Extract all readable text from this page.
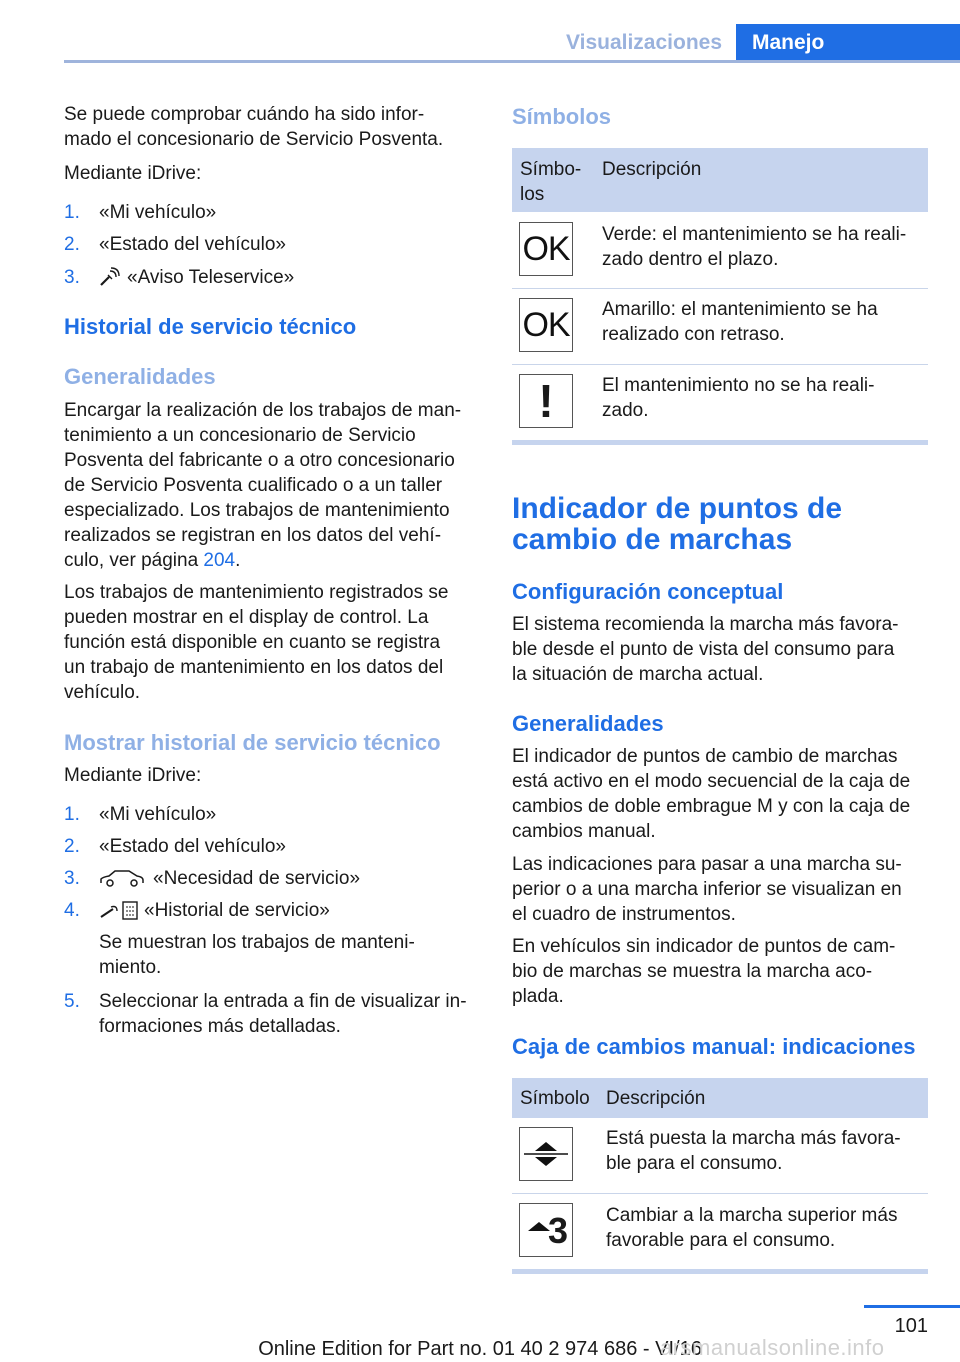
Visualizaciones	Manejo
Se puede comprobar cuándo ha sido infor-
mado el concesionario de Servicio Posventa.
Mediante iDrive:
1. «Mi vehículo»
2. «Estado del vehículo»
3. «Aviso Teleservice»
Historial de servicio técnico
Generalidades
Encargar la realización de los trabajos de man-
tenimiento a un concesionario de Servicio
Posventa del fabricante o a otro concesionario
de Servicio Posventa cualificado o a un taller
especializado. Los trabajos de mantenimiento
realizados se registran en los datos del vehí-
culo, ver página 204.
Los trabajos de mantenimiento registrados se
pueden mostrar en el display de control. La
función está disponible en cuanto se registra
un trabajo de mantenimiento en los datos del
vehículo.
Mostrar historial de servicio técnico
Mediante iDrive:
1. «Mi vehículo»
2. «Estado del vehículo»
3.	«Necesidad de servicio»
4.	«Historial de servicio»
Se muestran los trabajos de manteni-
miento.
5. Seleccionar la entrada a fin de visualizar in-
formaciones más detalladas.
Símbolos
Símbo-
los
Descripción
OK Verde: el mantenimiento se ha reali-
zado dentro el plazo.
OK Amarillo: el mantenimiento se ha
realizado con retraso.
!	El mantenimiento no se ha reali-
zado.
Indicador de puntos de
cambio de marchas
Configuración conceptual
El sistema recomienda la marcha más favora-
ble desde el punto de vista del consumo para
la situación de marcha actual.
Generalidades
El indicador de puntos de cambio de marchas
está activo en el modo secuencial de la caja de
cambios de doble embrague M y con la caja de
cambios manual.
Las indicaciones para pasar a una marcha su-
perior o a una marcha inferior se visualizan en
el cuadro de instrumentos.
En vehículos sin indicador de puntos de cam-
bio de marchas se muestra la marcha aco-
plada.
Caja de cambios manual: indicaciones
Símbolo Descripción
Está puesta la marcha más favora-
ble para el consumo.
3 Cambiar a la marcha superior más
favorable para el consumo.
101
Online Edition for Part no. 01 40 2 974 686 - VI/16
arsmanualsonline.info
